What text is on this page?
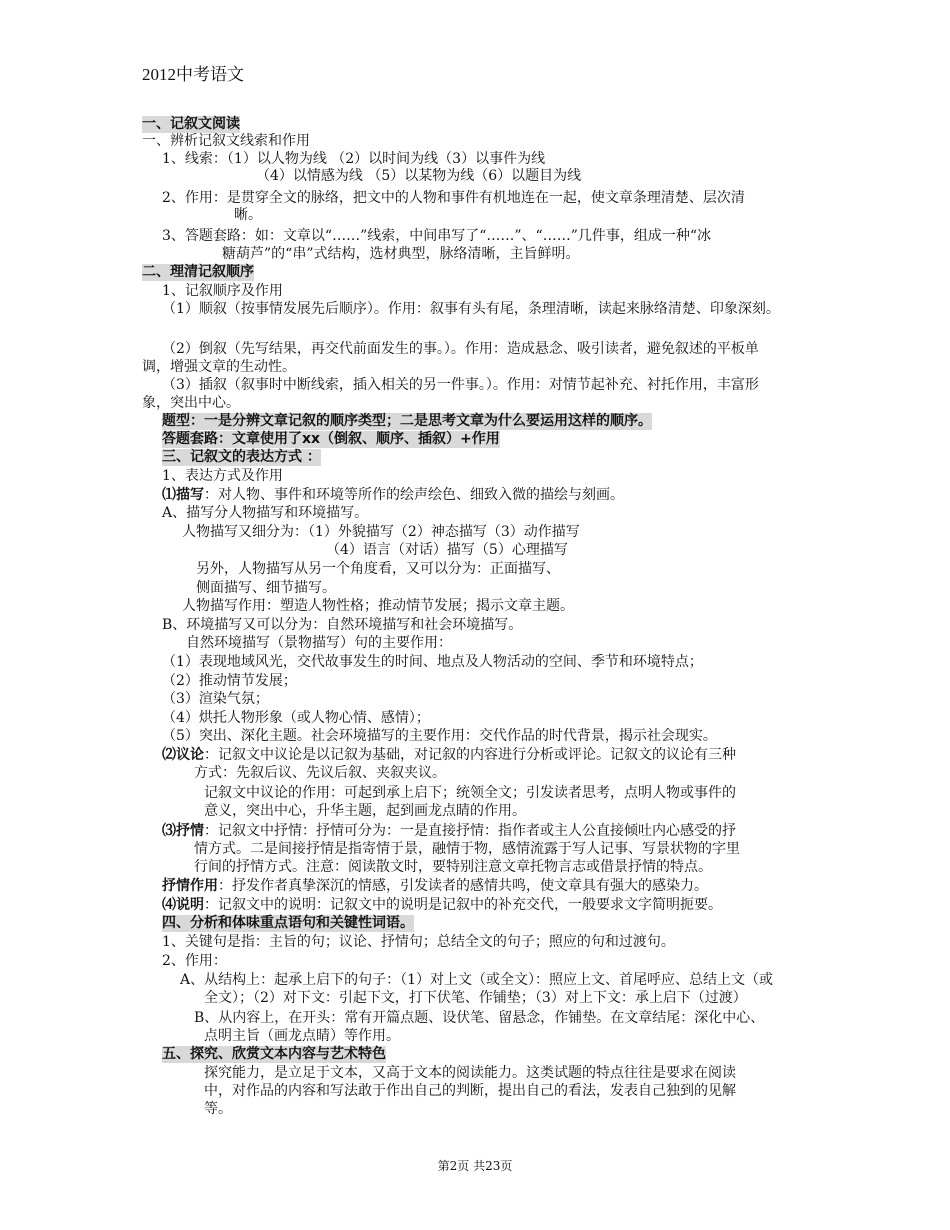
2012中考语文
一、记叙文阅读
一、辨析记叙文线索和作用
1、线索：（1）以人物为线 （2）以时间为线（3）以事件为线
（4）以情感为线 （5）以某物为线（6）以题目为线
2、作用：是贯穿全文的脉络，把文中的人物和事件有机地连在一起，使文章条理清楚、层次清
晰。
3、答题套路：如：文章以“……”线索，中间串写了“……”、“……”几件事，组成一种“冰
糖葫芦”的“串”式结构，选材典型，脉络清晰，主旨鲜明。
二、理清记叙顺序
1、记叙顺序及作用
（1）顺叙（按事情发展先后顺序）。作用：叙事有头有尾，条理清晰，读起来脉络清楚、印象深刻。
（2）倒叙（先写结果，再交代前面发生的事。）。作用：造成悬念、吸引读者，避免叙述的平板单
调，增强文章的生动性。
（3）插叙（叙事时中断线索，插入相关的另一件事。）。作用：对情节起补充、衬托作用，丰富形
象，突出中心。
题型：一是分辨文章记叙的顺序类型；二是思考文章为什么要运用这样的顺序。
答题套路：文章使用了xx（倒叙、顺序、插叙）+作用
三、记叙文的表达方式 ：
1、表达方式及作用
⑴描写：对人物、事件和环境等所作的绘声绘色、细致入微的描绘与刻画。
A、描写分人物描写和环境描写。
人物描写又细分为：（1）外貌描写（2）神态描写（3）动作描写
（4）语言（对话）描写（5）心理描写
另外，人物描写从另一个角度看，又可以分为：正面描写、
侧面描写、细节描写。
人物描写作用：塑造人物性格；推动情节发展；揭示文章主题。
B、环境描写又可以分为：自然环境描写和社会环境描写。
自然环境描写（景物描写）句的主要作用：
（1）表现地域风光，交代故事发生的时间、地点及人物活动的空间、季节和环境特点；
（2）推动情节发展；
（3）渲染气氛；
（4）烘托人物形象（或人物心情、感情）；
（5）突出、深化主题。社会环境描写的主要作用：交代作品的时代背景，揭示社会现实。
⑵议论：记叙文中议论是以记叙为基础，对记叙的内容进行分析或评论。记叙文的议论有三种
方式：先叙后议、先议后叙、夹叙夹议。
记叙文中议论的作用：可起到承上启下；统领全文；引发读者思考，点明人物或事件的
意义，突出中心，升华主题，起到画龙点睛的作用。
⑶抒情：记叙文中抒情：抒情可分为：一是直接抒情：指作者或主人公直接倾吐内心感受的抒
情方式。二是间接抒情是指寄情于景，融情于物，感情流露于写人记事、写景状物的字里
行间的抒情方式。注意：阅读散文时，要特别注意文章托物言志或借景抒情的特点。
抒情作用：抒发作者真挚深沉的情感，引发读者的感情共鸣，使文章具有强大的感染力。
⑷说明：记叙文中的说明：记叙文中的说明是记叙中的补充交代，一般要求文字简明扼要。
四、分析和体味重点语句和关键性词语。
1、关键句是指：主旨的句；议论、抒情句；总结全文的句子；照应的句和过渡句。
2、作用：
A、从结构上：起承上启下的句子：（1）对上文（或全文）：照应上文、首尾呼应、总结上文（或
全文）；（2）对下文：引起下文，打下伏笔、作铺垫；（3）对上下文：承上启下（过渡）
B、从内容上，在开头：常有开篇点题、设伏笔、留悬念，作铺垫。在文章结尾：深化中心、
点明主旨（画龙点睛）等作用。
五、探究、欣赏文本内容与艺术特色
探究能力，是立足于文本，又高于文本的阅读能力。这类试题的特点往往是要求在阅读
中，对作品的内容和写法敢于作出自己的判断，提出自己的看法，发表自己独到的见解
等。
第2页 共23页
